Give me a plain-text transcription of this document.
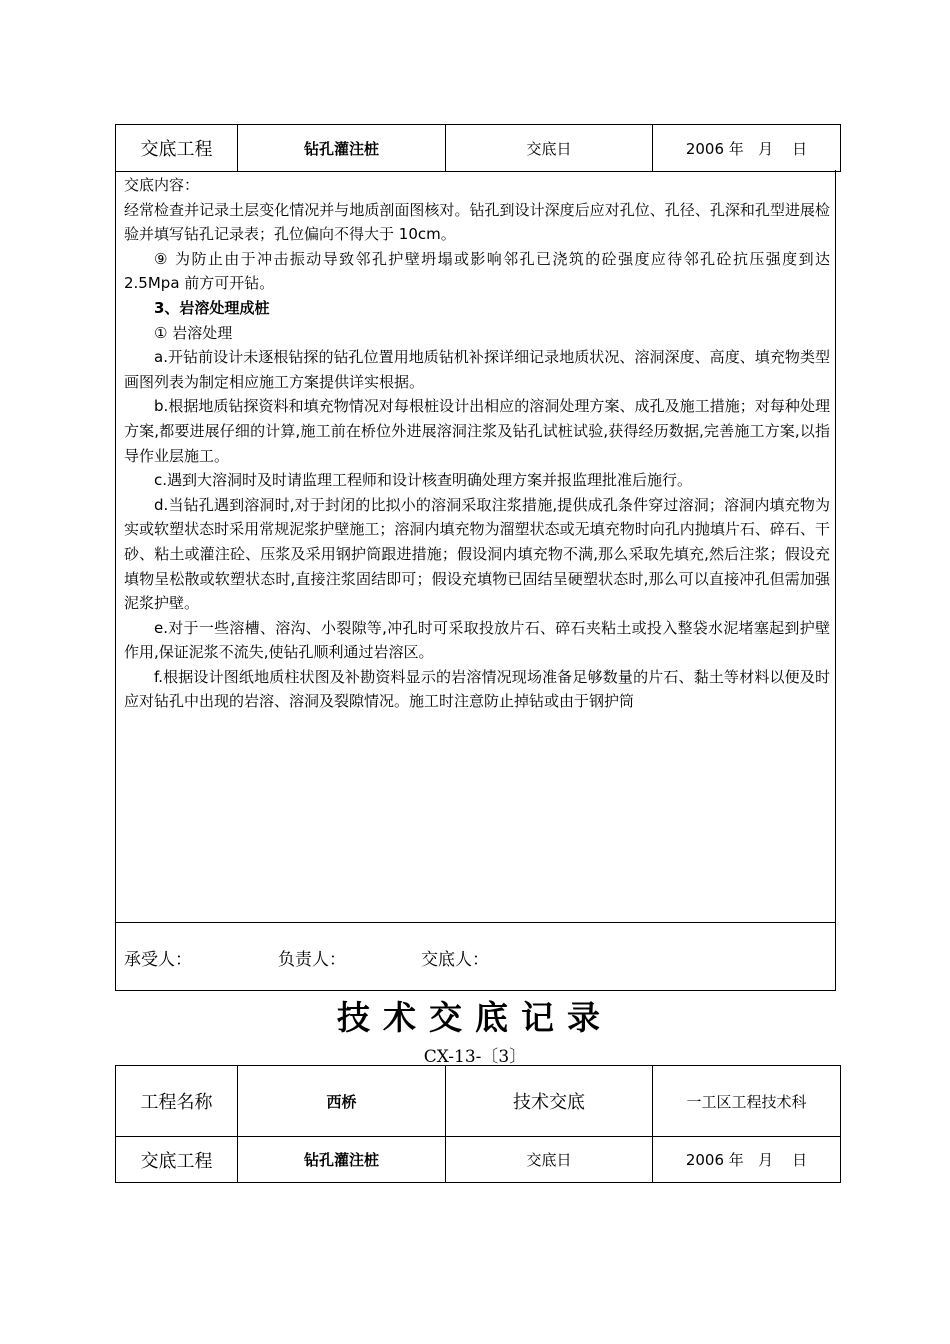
交底工程	钻孔灌注桩	交底日	2006 年   月    日

交底内容：

经常检查并记录土层变化情况并与地质剖面图核对。钻孔到设计深度后应对孔位、孔径、孔深和孔型进展检验并填写钻孔记录表；孔位偏向不得大于 10cm。

⑨ 为防止由于冲击振动导致邻孔护壁坍塌或影响邻孔已浇筑的砼强度应待邻孔砼抗压强度到达 2.5Mpa 前方可开钻。

3、岩溶处理成桩

① 岩溶处理

a.开钻前设计未逐根钻探的钻孔位置用地质钻机补探详细记录地质状况、溶洞深度、高度、填充物类型画图列表为制定相应施工方案提供详实根据。

b.根据地质钻探资料和填充物情况对每根桩设计出相应的溶洞处理方案、成孔及施工措施；对每种处理方案,都要进展仔细的计算,施工前在桥位外进展溶洞注浆及钻孔试桩试验,获得经历数据,完善施工方案,以指导作业层施工。

c.遇到大溶洞时及时请监理工程师和设计核查明确处理方案并报监理批准后施行。

d.当钻孔遇到溶洞时,对于封闭的比拟小的溶洞采取注浆措施,提供成孔条件穿过溶洞；溶洞内填充物为实或软塑状态时采用常规泥浆护壁施工；溶洞内填充物为溜塑状态或无填充物时向孔内抛填片石、碎石、干砂、粘土或灌注砼、压浆及采用钢护筒跟进措施；假设洞内填充物不满,那么采取先填充,然后注浆；假设充填物呈松散或软塑状态时,直接注浆固结即可；假设充填物已固结呈硬塑状态时,那么可以直接冲孔但需加强泥浆护壁。

e.对于一些溶槽、溶沟、小裂隙等,冲孔时可采取投放片石、碎石夹粘土或投入整袋水泥堵塞起到护壁作用,保证泥浆不流失,使钻孔顺利通过岩溶区。

f.根据设计图纸地质柱状图及补勘资料显示的岩溶情况现场准备足够数量的片石、黏土等材料以便及时应对钻孔中出现的岩溶、溶洞及裂隙情况。施工时注意防止掉钻或由于钢护筒

承受人：	负责人：	交底人：
技术交底记录
CX-13-〔3〕
工程名称	西桥	技术交底	一工区工程技术科
交底工程	钻孔灌注桩	交底日	2006 年   月    日
